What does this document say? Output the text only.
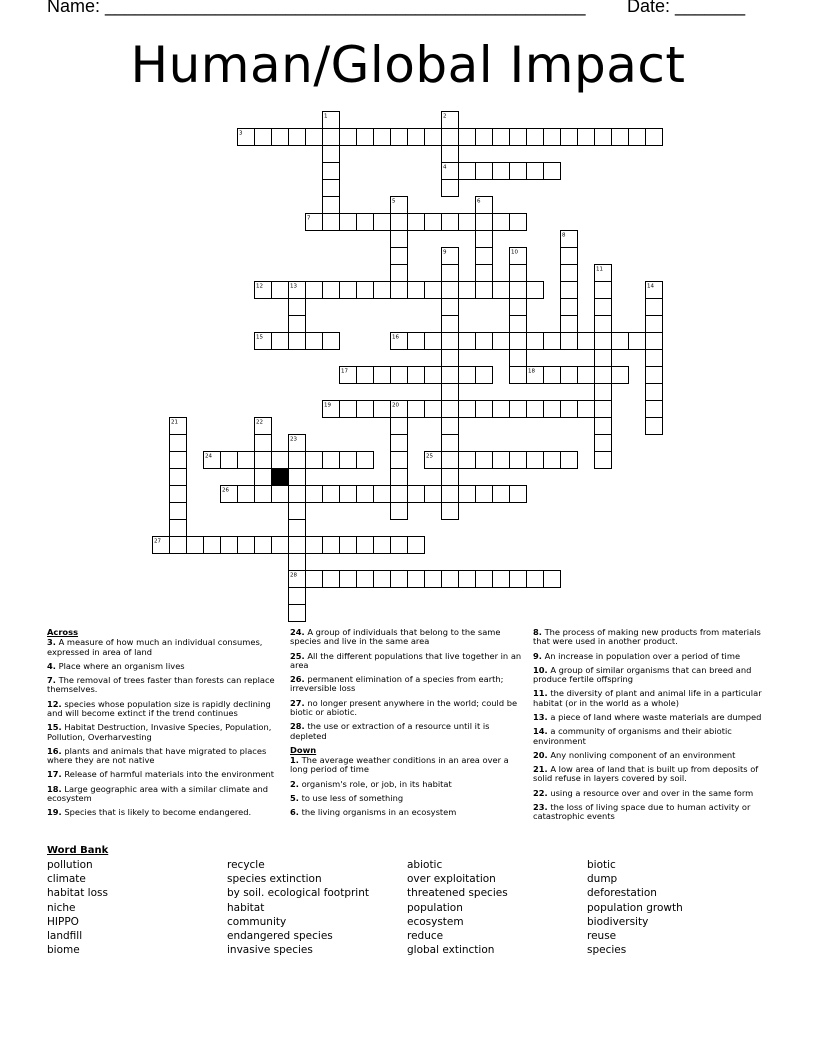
Name: ________________________________________________ Date: _______
Human/Global Impact
1	2
3
4
5	6
7
8
9	10
11
12	13	14
15	16
17	18
19	20
21	22
23
24	25
26
27
28
Across
3. A measure of how much an individual consumes, expressed in area of land
4. Place where an organism lives
7. The removal of trees faster than forests can replace themselves.
12. species whose population size is rapidly declining and will become extinct if the trend continues
15. Habitat Destruction, Invasive Species, Population, Pollution, Overharvesting
16. plants and animals that have migrated to places where they are not native
17. Release of harmful materials into the environment
18. Large geographic area with a similar climate and ecosystem
19. Species that is likely to become endangered.
24. A group of individuals that belong to the same species and live in the same area
25. All the different populations that live together in an area
26. permanent elimination of a species from earth; irreversible loss
27. no longer present anywhere in the world; could be biotic or abiotic.
28. the use or extraction of a resource until it is depleted
Down
1. The average weather conditions in an area over a long period of time
2. organism's role, or job, in its habitat
5. to use less of something
6. the living organisms in an ecosystem
8. The process of making new products from materials that were used in another product.
9. An increase in population over a period of time
10. A group of similar organisms that can breed and produce fertile offspring
11. the diversity of plant and animal life in a particular habitat (or in the world as a whole)
13. a piece of land where waste materials are dumped
14. a community of organisms and their abiotic environment
20. Any nonliving component of an environment
21. A low area of land that is built up from deposits of solid refuse in layers covered by soil.
22. using a resource over and over in the same form
23. the loss of living space due to human activity or catastrophic events
Word Bank
pollution
climate
habitat loss
niche
HIPPO
landfill
biome
recycle
species extinction
by soil. ecological footprint
habitat
community
endangered species
invasive species
abiotic
over exploitation
threatened species
population
ecosystem
reduce
global extinction
biotic
dump
deforestation
population growth
biodiversity
reuse
species
